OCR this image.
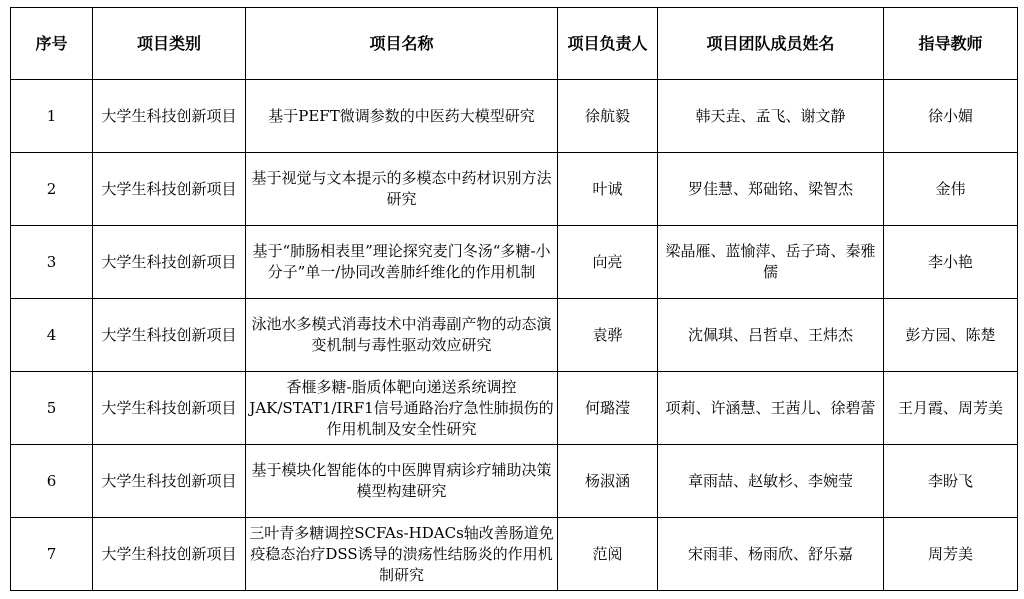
序号	项目类别	项目名称	项目负责人	项目团队成员姓名	指导教师
1	大学生科技创新项目	基于PEFT微调参数的中医药大模型研究	徐航毅	韩天垚、孟飞、谢文静	徐小媚
2	大学生科技创新项目	基于视觉与文本提示的多模态中药材识别方法研究	叶诚	罗佳慧、郑础铭、梁智杰	金伟
3	大学生科技创新项目	基于“肺肠相表里”理论探究麦门冬汤“多糖-小分子”单一/协同改善肺纤维化的作用机制	向亮	梁晶雁、蓝愉萍、岳子琦、秦雅儒	李小艳
4	大学生科技创新项目	泳池水多模式消毒技术中消毒副产物的动态演变机制与毒性驱动效应研究	袁骅	沈佩琪、吕哲卓、王炜杰	彭方园、陈楚
5	大学生科技创新项目	香榧多糖-脂质体靶向递送系统调控JAK/STAT1/IRF1信号通路治疗急性肺损伤的作用机制及安全性研究	何璐滢	项莉、许涵慧、王茜儿、徐碧蕾	王月霞、周芳美
6	大学生科技创新项目	基于模块化智能体的中医脾胃病诊疗辅助决策模型构建研究	杨淑涵	章雨喆、赵敏杉、李婉莹	李盼飞
7	大学生科技创新项目	三叶青多糖调控SCFAs-HDACs轴改善肠道免疫稳态治疗DSS诱导的溃疡性结肠炎的作用机制研究	范阅	宋雨菲、杨雨欣、舒乐嘉	周芳美
